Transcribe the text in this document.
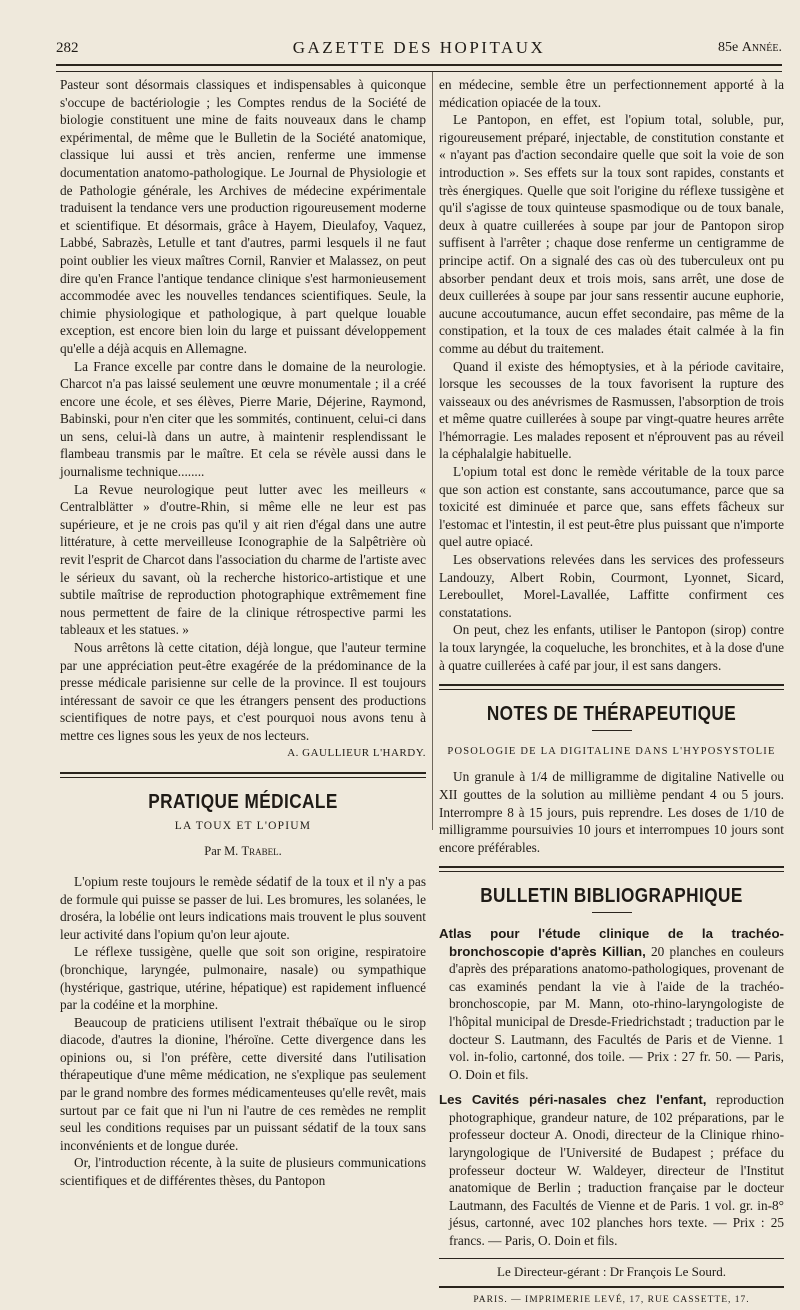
282	GAZETTE DES HOPITAUX	85e Année.

Pasteur sont désormais classiques et indispensables à quiconque s'occupe de bactériologie ; les Comptes rendus de la Société de biologie constituent une mine de faits nouveaux dans le champ expérimental, de même que le Bulletin de la Société anatomique, classique lui aussi et très ancien, renferme une immense documentation anatomo-pathologique. Le Journal de Physiologie et de Pathologie générale, les Archives de médecine expérimentale traduisent la tendance vers une production rigoureusement moderne et scientifique. Et désormais, grâce à Hayem, Dieulafoy, Vaquez, Labbé, Sabrazès, Letulle et tant d'autres, parmi lesquels il ne faut point oublier les vieux maîtres Cornil, Ranvier et Malassez, on peut dire qu'en France l'antique tendance clinique s'est harmonieusement accommodée avec les nouvelles tendances scientifiques. Seule, la chimie physiologique et pathologique, à part quelque louable exception, est encore bien loin du large et puissant développement qu'elle a déjà acquis en Allemagne.

La France excelle par contre dans le domaine de la neurologie. Charcot n'a pas laissé seulement une œuvre monumentale ; il a créé encore une école, et ses élèves, Pierre Marie, Déjerine, Raymond, Babinski, pour n'en citer que les sommités, continuent, celui-ci dans un sens, celui-là dans un autre, à maintenir resplendissant le flambeau transmis par le maître. Et cela se révèle aussi dans le journalisme technique........

La Revue neurologique peut lutter avec les meilleurs « Centralblätter » d'outre-Rhin, si même elle ne leur est pas supérieure, et je ne crois pas qu'il y ait rien d'égal dans une autre littérature, à cette merveilleuse Iconographie de la Salpêtrière où revit l'esprit de Charcot dans l'association du charme de l'artiste avec le sérieux du savant, où la recherche historico-artistique et une subtile maîtrise de reproduction photographique extrêmement fine nous permettent de faire de la clinique rétrospective parmi les tableaux et les statues. »

Nous arrêtons là cette citation, déjà longue, que l'auteur termine par une appréciation peut-être exagérée de la prédominance de la presse médicale parisienne sur celle de la province. Il est toujours intéressant de savoir ce que les étrangers pensent des productions scientifiques de notre pays, et c'est pourquoi nous avons tenu à mettre ces lignes sous les yeux de nos lecteurs.

A. GAULLIEUR L'HARDY.
PRATIQUE MÉDICALE
LA TOUX ET L'OPIUM
Par M. Trabel.

L'opium reste toujours le remède sédatif de la toux et il n'y a pas de formule qui puisse se passer de lui. Les bromures, les solanées, le droséra, la lobélie ont leurs indications mais trouvent le plus souvent leur activité dans l'opium qu'on leur ajoute.

Le réflexe tussigène, quelle que soit son origine, respiratoire (bronchique, laryngée, pulmonaire, nasale) ou sympathique (hystérique, gastrique, utérine, hépatique) est rapidement influencé par la codéine et la morphine.

Beaucoup de praticiens utilisent l'extrait thébaïque ou le sirop diacode, d'autres la dionine, l'héroïne. Cette divergence dans les opinions ou, si l'on préfère, cette diversité dans l'utilisation thérapeutique d'une même médication, ne s'explique pas seulement par le grand nombre des formes médicamenteuses qu'elle revêt, mais surtout par ce fait que ni l'un ni l'autre de ces remèdes ne remplit seul les conditions requises par un puissant sédatif de la toux sans inconvénients et de longue durée.

Or, l'introduction récente, à la suite de plusieurs communications scientifiques et de différentes thèses, du Pantopon

en médecine, semble être un perfectionnement apporté à la médication opiacée de la toux.

Le Pantopon, en effet, est l'opium total, soluble, pur, rigoureusement préparé, injectable, de constitution constante et « n'ayant pas d'action secondaire quelle que soit la voie de son introduction ». Ses effets sur la toux sont rapides, constants et très énergiques. Quelle que soit l'origine du réflexe tussigène et qu'il s'agisse de toux quinteuse spasmodique ou de toux banale, deux à quatre cuillerées à soupe par jour de Pantopon sirop suffisent à l'arrêter ; chaque dose renferme un centigramme de principe actif. On a signalé des cas où des tuberculeux ont pu absorber pendant deux et trois mois, sans arrêt, une dose de deux cuillerées à soupe par jour sans ressentir aucune euphorie, aucune accoutumance, aucun effet secondaire, pas même de la constipation, et la toux de ces malades était calmée à la fin comme au début du traitement.

Quand il existe des hémoptysies, et à la période cavitaire, lorsque les secousses de la toux favorisent la rupture des vaisseaux ou des anévrismes de Rasmussen, l'absorption de trois et même quatre cuillerées à soupe par vingt-quatre heures arrête l'hémorragie. Les malades reposent et n'éprouvent pas au réveil la céphalalgie habituelle.

L'opium total est donc le remède véritable de la toux parce que son action est constante, sans accoutumance, parce que sa toxicité est diminuée et parce que, sans effets fâcheux sur l'estomac et l'intestin, il est peut-être plus puissant que n'importe quel autre opiacé.

Les observations relevées dans les services des professeurs Landouzy, Albert Robin, Courmont, Lyonnet, Sicard, Lereboullet, Morel-Lavallée, Laffitte confirment ces constatations.

On peut, chez les enfants, utiliser le Pantopon (sirop) contre la toux laryngée, la coqueluche, les bronchites, et à la dose d'une à quatre cuillerées à café par jour, il est sans dangers.

NOTES DE THÉRAPEUTIQUE
POSOLOGIE DE LA DIGITALINE DANS L'HYPOSYSTOLIE

Un granule à 1/4 de milligramme de digitaline Nativelle ou XII gouttes de la solution au millième pendant 4 ou 5 jours. Interrompre 8 à 15 jours, puis reprendre. Les doses de 1/10 de milligramme poursuivies 10 jours et interrompues 10 jours sont encore préférables.

BULLETIN BIBLIOGRAPHIQUE
Atlas pour l'étude clinique de la trachéo-bronchoscopie d'après Killian, 20 planches en couleurs d'après des préparations anatomo-pathologiques, provenant de cas examinés pendant la vie à l'aide de la trachéo-bronchoscopie, par M. Mann, oto-rhino-laryngologiste de l'hôpital municipal de Dresde-Friedrichstadt ; traduction par le docteur S. Lautmann, des Facultés de Paris et de Vienne. 1 vol. in-folio, cartonné, dos toile. — Prix : 27 fr. 50. — Paris, O. Doin et fils.
Les Cavités péri-nasales chez l'enfant, reproduction photographique, grandeur nature, de 102 préparations, par le professeur docteur A. Onodi, directeur de la Clinique rhino-laryngologique de l'Université de Budapest ; préface du professeur docteur W. Waldeyer, directeur de l'Institut anatomique de Berlin ; traduction française par le docteur Lautmann, des Facultés de Vienne et de Paris. 1 vol. gr. in-8° jésus, cartonné, avec 102 planches hors texte. — Prix : 25 francs. — Paris, O. Doin et fils.
Le Directeur-gérant : Dr François Le Sourd.
PARIS. — IMPRIMERIE LEVÉ, 17, RUE CASSETTE, 17.
